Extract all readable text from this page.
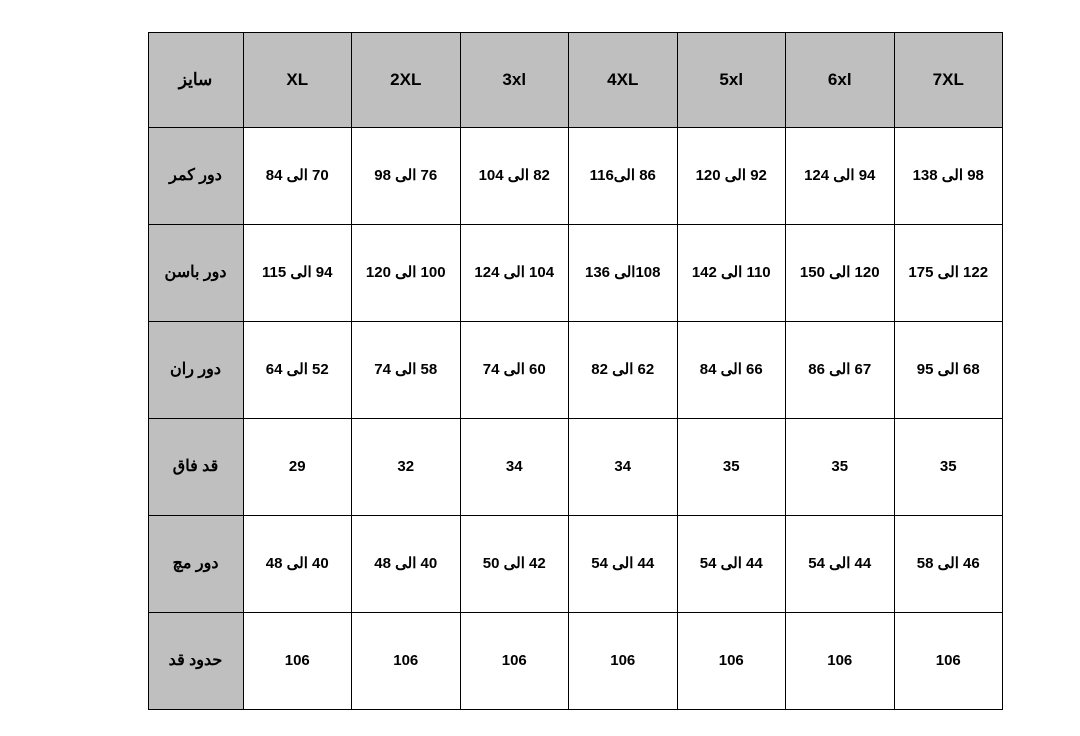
7XL	6xl	5xl	4XL	3xl	2XL	XL	سایز
98 الی 138	94 الی 124	92 الی 120	86 الی116	82 الی 104	76 الی 98	70 الی 84	دور کمر
122 الی 175	120 الی 150	110 الی 142	108الی 136	104 الی 124	100 الی 120	94 الی 115	دور باسن
68 الی 95	67 الی 86	66 الی 84	62 الی 82	60 الی 74	58 الی 74	52 الی 64	دور ران
35	35	35	34	34	32	29	قد فاق
46 الی 58	44 الی 54	44 الی 54	44 الی 54	42 الی 50	40 الی 48	40 الی 48	دور مچ
106	106	106	106	106	106	106	حدود قد
